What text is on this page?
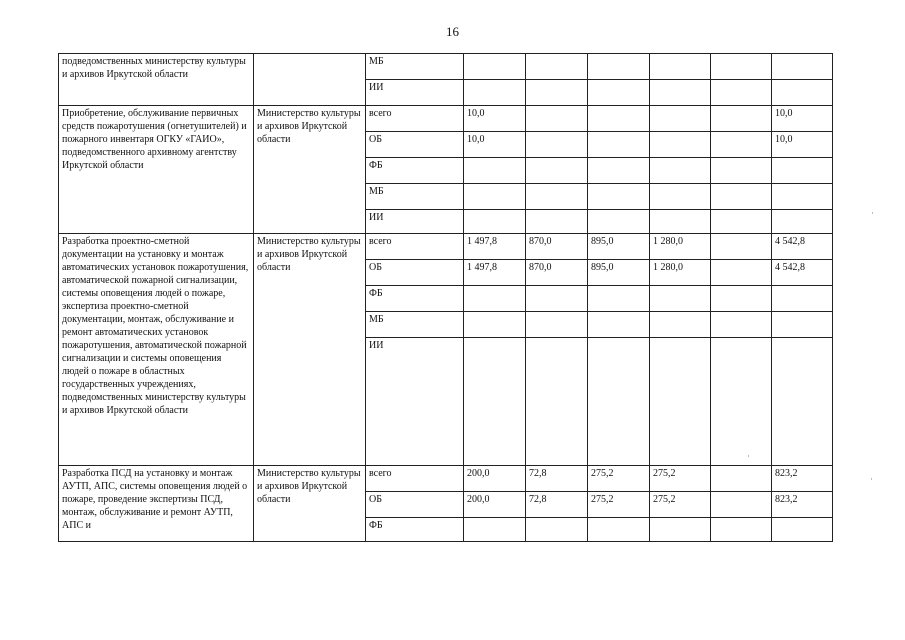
16
подведомственных министерству культуры и архивов Иркутской области		МБ						
		ИИ						
Приобретение, обслуживание первичных средств пожаротушения (огнетушителей) и пожарного инвентаря ОГКУ «ГАИО», подведомственного архивному агентству Иркутской области	Министерство культуры и архивов Иркутской области	всего	10,0					10,0
		ОБ	10,0					10,0
		ФБ						
		МБ						
		ИИ						
Разработка проектно-сметной документации на установку и монтаж автоматических установок пожаротушения, автоматической пожарной сигнализации, системы оповещения людей о пожаре, экспертиза проектно-сметной документации, монтаж, обслуживание и ремонт автоматических установок пожаротушения, автоматической пожарной сигнализации и системы оповещения людей о пожаре в областных государственных учреждениях, подведомственных министерству культуры и архивов Иркутской области	Министерство культуры и архивов Иркутской области	всего	1 497,8	870,0	895,0	1 280,0		4 542,8
		ОБ	1 497,8	870,0	895,0	1 280,0		4 542,8
		ФБ						
		МБ						
		ИИ						
Разработка ПСД на установку и монтаж АУТП, АПС, системы оповещения людей о пожаре, проведение экспертизы ПСД, монтаж, обслуживание и ремонт АУТП, АПС и	Министерство культуры и архивов Иркутской области	всего	200,0	72,8	275,2	275,2		823,2
		ОБ	200,0	72,8	275,2	275,2		823,2
		ФБ						
